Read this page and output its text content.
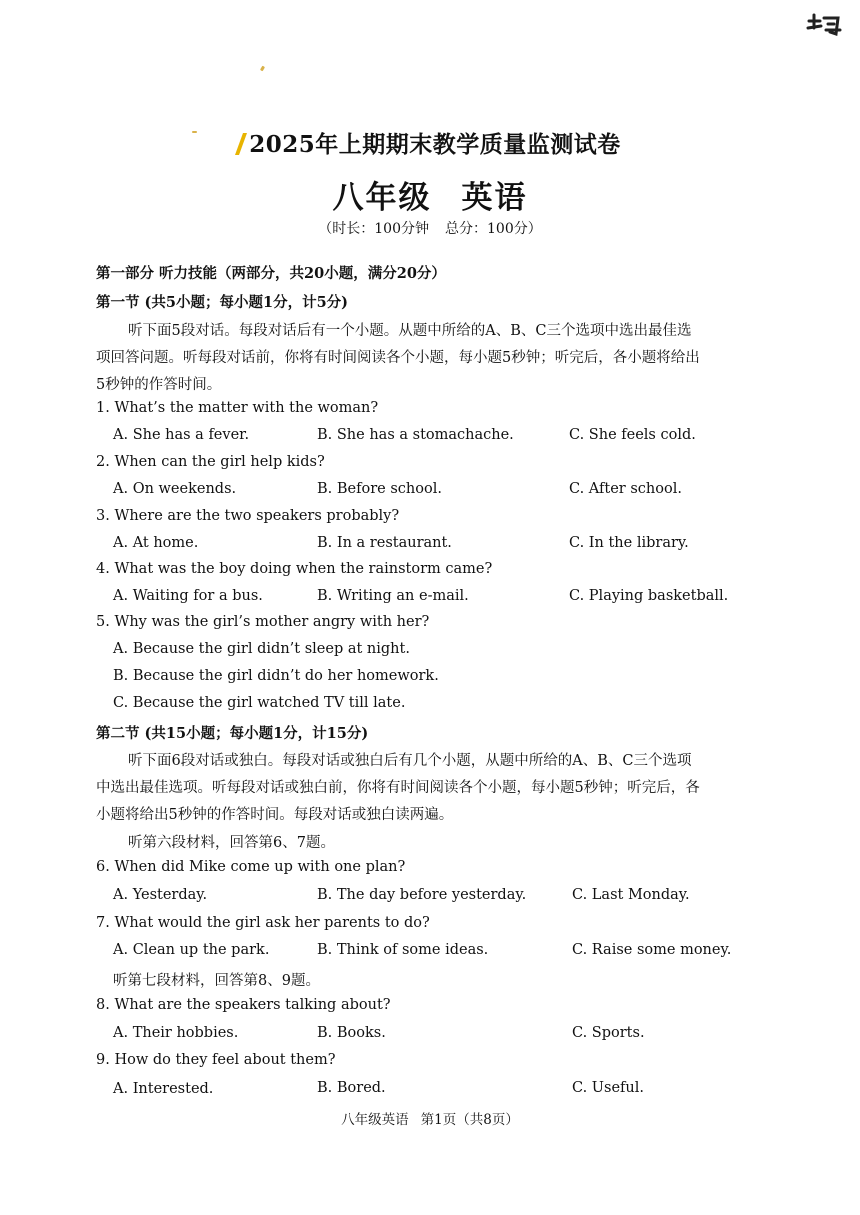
2025年上期期末教学质量监测试卷
八年级 英语
（时长：100分钟 总分：100分）
第一部分 听力技能（两部分，共20小题，满分20分）
第一节 (共5小题；每小题1分，计5分)
听下面5段对话。每段对话后有一个小题。从题中所给的A、B、C三个选项中选出最佳选
项回答问题。听每段对话前，你将有时间阅读各个小题，每小题5秒钟；听完后，各小题将给出
5秒钟的作答时间。
1. What’s the matter with the woman?
A. She has a fever.	B. She has a stomachache.	C. She feels cold.
2. When can the girl help kids?
A. On weekends.	B. Before school.	C. After school.
3. Where are the two speakers probably?
A. At home.	B. In a restaurant.	C. In the library.
4. What was the boy doing when the rainstorm came?
A. Waiting for a bus.	B. Writing an e-mail.	C. Playing basketball.
5. Why was the girl’s mother angry with her?
A. Because the girl didn’t sleep at night.
B. Because the girl didn’t do her homework.
C. Because the girl watched TV till late.
第二节 (共15小题；每小题1分，计15分)
听下面6段对话或独白。每段对话或独白后有几个小题，从题中所给的A、B、C三个选项
中选出最佳选项。听每段对话或独白前，你将有时间阅读各个小题，每小题5秒钟；听完后，各
小题将给出5秒钟的作答时间。每段对话或独白读两遍。
听第六段材料，回答第6、7题。
6. When did Mike come up with one plan?
A. Yesterday.	B. The day before yesterday.	C. Last Monday.
7. What would the girl ask her parents to do?
A. Clean up the park.	B. Think of some ideas.	C. Raise some money.
听第七段材料，回答第8、9题。
8. What are the speakers talking about?
A. Their hobbies.	B. Books.	C. Sports.
9. How do they feel about them?
A. Interested.	B. Bored.	C. Useful.
八年级英语 第1页（共8页）
